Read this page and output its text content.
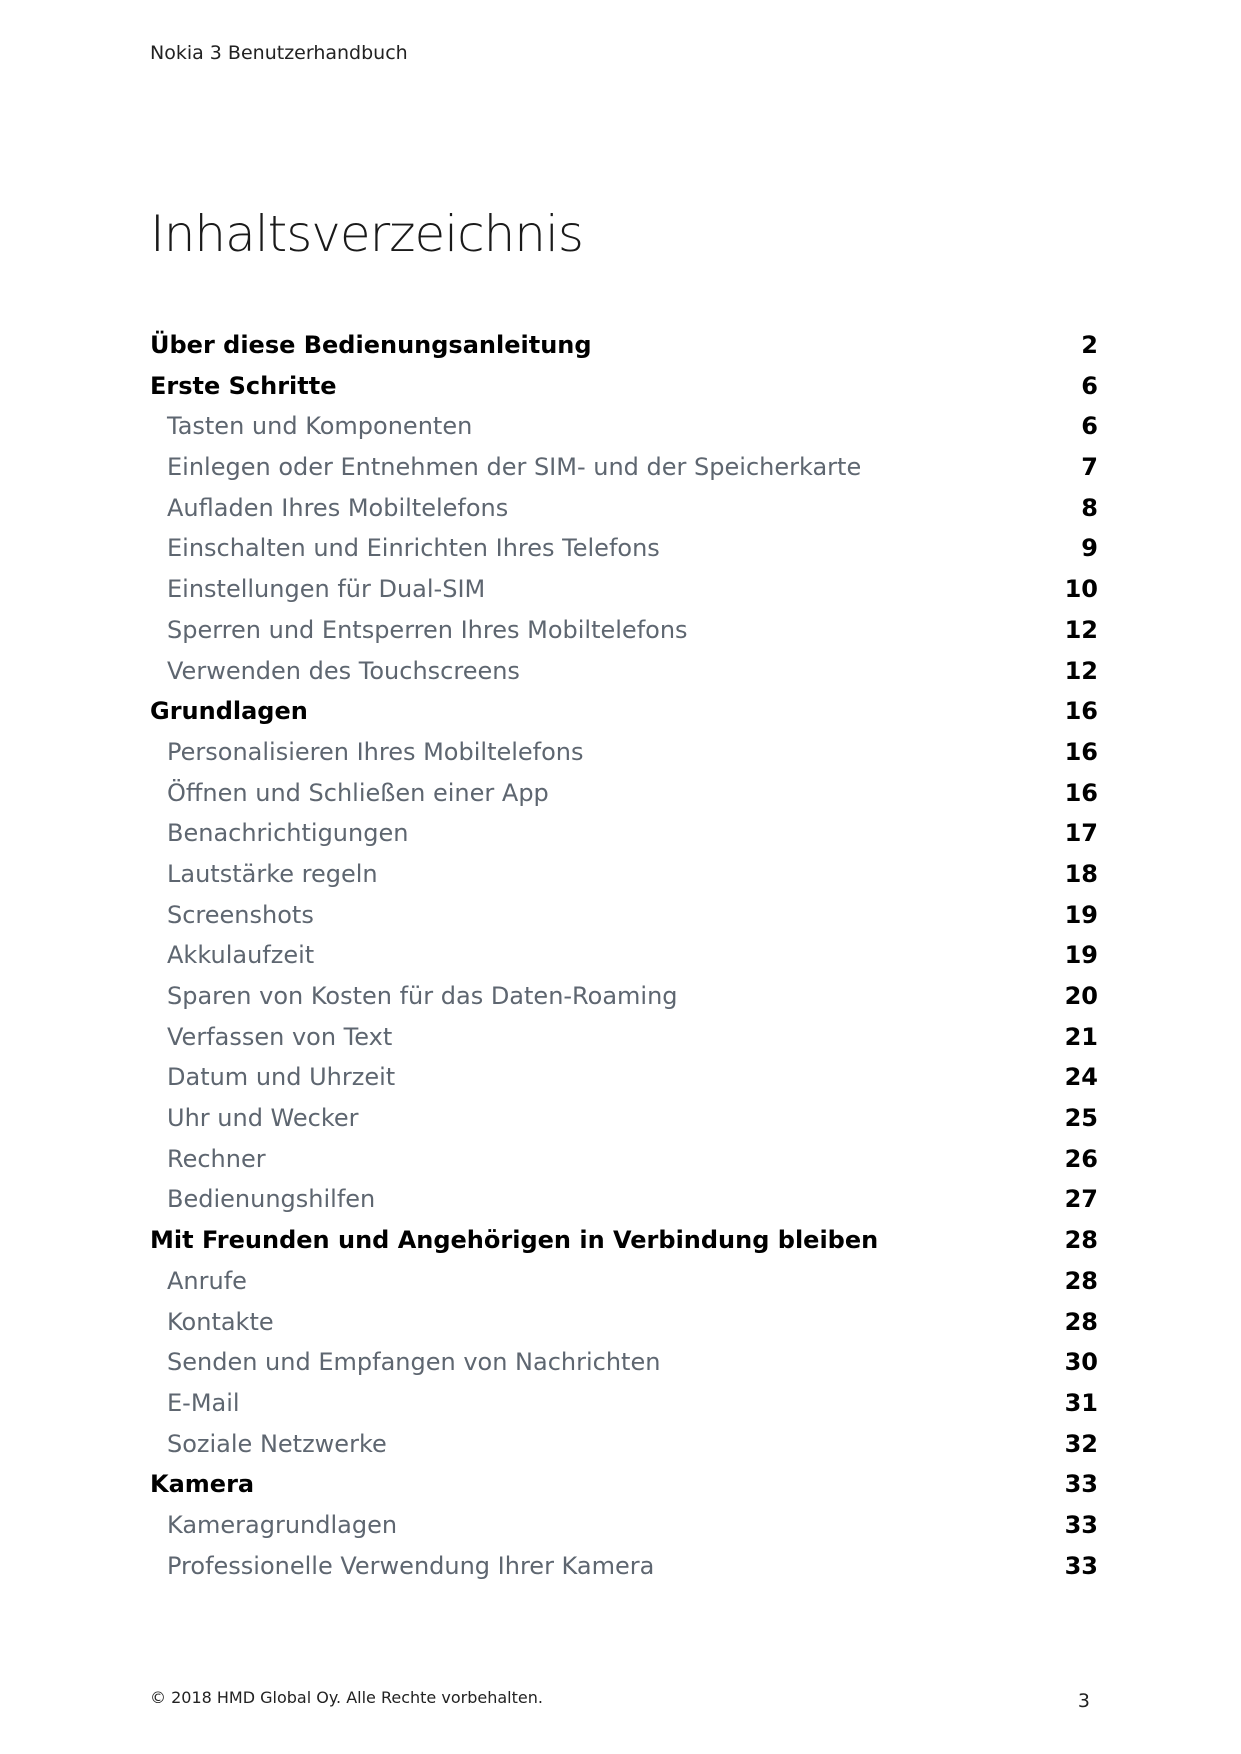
Nokia 3 Benutzerhandbuch
Inhaltsverzeichnis
Über diese Bedienungsanleitung	2
Erste Schritte	6
Tasten und Komponenten	6
Einlegen oder Entnehmen der SIM- und der Speicherkarte	7
Aufladen Ihres Mobiltelefons	8
Einschalten und Einrichten Ihres Telefons	9
Einstellungen für Dual-SIM	10
Sperren und Entsperren Ihres Mobiltelefons	12
Verwenden des Touchscreens	12
Grundlagen	16
Personalisieren Ihres Mobiltelefons	16
Öffnen und Schließen einer App	16
Benachrichtigungen	17
Lautstärke regeln	18
Screenshots	19
Akkulaufzeit	19
Sparen von Kosten für das Daten-Roaming	20
Verfassen von Text	21
Datum und Uhrzeit	24
Uhr und Wecker	25
Rechner	26
Bedienungshilfen	27
Mit Freunden und Angehörigen in Verbindung bleiben	28
Anrufe	28
Kontakte	28
Senden und Empfangen von Nachrichten	30
E-Mail	31
Soziale Netzwerke	32
Kamera	33
Kameragrundlagen	33
Professionelle Verwendung Ihrer Kamera	33
© 2018 HMD Global Oy. Alle Rechte vorbehalten.	3
